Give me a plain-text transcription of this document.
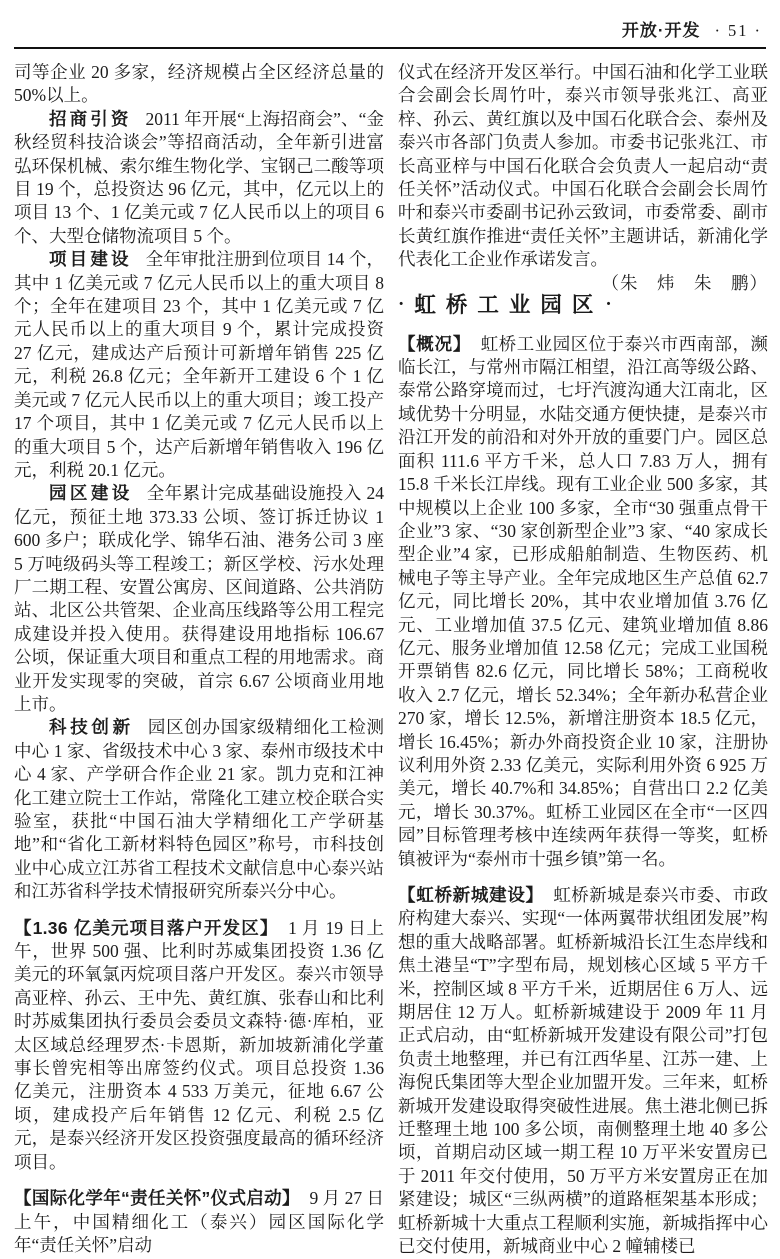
开放·开发 · 51 ·

司等企业 20 多家，经济规模占全区经济总量的 50%以上。

招商引资 2011 年开展“上海招商会”、“金秋经贸科技洽谈会”等招商活动，全年新引进富弘环保机械、索尔维生物化学、宝钢己二酸等项目 19 个，总投资达 96 亿元，其中，亿元以上的项目 13 个、1 亿美元或 7 亿人民币以上的项目 6 个、大型仓储物流项目 5 个。

项目建设 全年审批注册到位项目 14 个，其中 1 亿美元或 7 亿元人民币以上的重大项目 8 个；全年在建项目 23 个，其中 1 亿美元或 7 亿元人民币以上的重大项目 9 个，累计完成投资 27 亿元，建成达产后预计可新增年销售 225 亿元，利税 26.8 亿元；全年新开工建设 6 个 1 亿美元或 7 亿元人民币以上的重大项目；竣工投产 17 个项目，其中 1 亿美元或 7 亿元人民币以上的重大项目 5 个，达产后新增年销售收入 196 亿元，利税 20.1 亿元。

园区建设 全年累计完成基础设施投入 24 亿元，预征土地 373.33 公顷、签订拆迁协议 1 600 多户；联成化学、锦华石油、港务公司 3 座 5 万吨级码头等工程竣工；新区学校、污水处理厂二期工程、安置公寓房、区间道路、公共消防站、北区公共管架、企业高压线路等公用工程完成建设并投入使用。获得建设用地指标 106.67 公顷，保证重大项目和重点工程的用地需求。商业开发实现零的突破，首宗 6.67 公顷商业用地上市。

科技创新 园区创办国家级精细化工检测中心 1 家、省级技术中心 3 家、泰州市级技术中心 4 家、产学研合作企业 21 家。凯力克和江神化工建立院士工作站，常隆化工建立校企联合实验室，获批“中国石油大学精细化工产学研基地”和“省化工新材料特色园区”称号，市科技创业中心成立江苏省工程技术文献信息中心泰兴站和江苏省科学技术情报研究所泰兴分中心。

【1.36 亿美元项目落户开发区】 1 月 19 日上午，世界 500 强、比利时苏威集团投资 1.36 亿美元的环氧氯丙烷项目落户开发区。泰兴市领导高亚梓、孙云、王中先、黄红旗、张春山和比利时苏威集团执行委员会委员文森特·德·库柏，亚太区域总经理罗杰·卡恩斯，新加坡新浦化学董事长曾宪相等出席签约仪式。项目总投资 1.36 亿美元，注册资本 4 533 万美元，征地 6.67 公顷，建成投产后年销售 12 亿元、利税 2.5 亿元，是泰兴经济开发区投资强度最高的循环经济项目。

【国际化学年“责任关怀”仪式启动】 9 月 27 日上午，中国精细化工（泰兴）园区国际化学年“责任关怀”启动

仪式在经济开发区举行。中国石油和化学工业联合会副会长周竹叶，泰兴市领导张兆江、高亚梓、孙云、黄红旗以及中国石化联合会、泰州及泰兴市各部门负责人参加。市委书记张兆江、市长高亚梓与中国石化联合会负责人一起启动“责任关怀”活动仪式。中国石化联合会副会长周竹叶和泰兴市委副书记孙云致词，市委常委、副市长黄红旗作推进“责任关怀”主题讲话，新浦化学代表化工企业作承诺发言。
（朱　炜　朱　鹏）

· 虹桥工业园区 ·

【概况】 虹桥工业园区位于泰兴市西南部，濒临长江，与常州市隔江相望，沿江高等级公路、泰常公路穿境而过，七圩汽渡沟通大江南北，区域优势十分明显，水陆交通方便快捷，是泰兴市沿江开发的前沿和对外开放的重要门户。园区总面积 111.6 平方千米，总人口 7.83 万人，拥有 15.8 千米长江岸线。现有工业企业 500 多家，其中规模以上企业 100 多家，全市“30 强重点骨干企业”3 家、“30 家创新型企业”3 家、“40 家成长型企业”4 家，已形成船舶制造、生物医药、机械电子等主导产业。全年完成地区生产总值 62.7 亿元，同比增长 20%，其中农业增加值 3.76 亿元、工业增加值 37.5 亿元、建筑业增加值 8.86 亿元、服务业增加值 12.58 亿元；完成工业国税开票销售 82.6 亿元，同比增长 58%；工商税收收入 2.7 亿元，增长 52.34%；全年新办私营企业 270 家，增长 12.5%，新增注册资本 18.5 亿元，增长 16.45%；新办外商投资企业 10 家，注册协议利用外资 2.33 亿美元，实际利用外资 6 925 万美元，增长 40.7%和 34.85%；自营出口 2.2 亿美元，增长 30.37%。虹桥工业园区在全市“一区四园”目标管理考核中连续两年获得一等奖，虹桥镇被评为“泰州市十强乡镇”第一名。

【虹桥新城建设】 虹桥新城是泰兴市委、市政府构建大泰兴、实现“一体两翼带状组团发展”构想的重大战略部署。虹桥新城沿长江生态岸线和焦土港呈“T”字型布局，规划核心区域 5 平方千米，控制区域 8 平方千米，近期居住 6 万人、远期居住 12 万人。虹桥新城建设于 2009 年 11 月正式启动，由“虹桥新城开发建设有限公司”打包负责土地整理，并已有江西华星、江苏一建、上海倪氏集团等大型企业加盟开发。三年来，虹桥新城开发建设取得突破性进展。焦土港北侧已拆迁整理土地 100 多公顷，南侧整理土地 40 多公顷，首期启动区域一期工程 10 万平米安置房已于 2011 年交付使用，50 万平方米安置房正在加紧建设；城区“三纵两横”的道路框架基本形成；虹桥新城十大重点工程顺利实施，新城指挥中心已交付使用，新城商业中心 2 幢辅楼已
